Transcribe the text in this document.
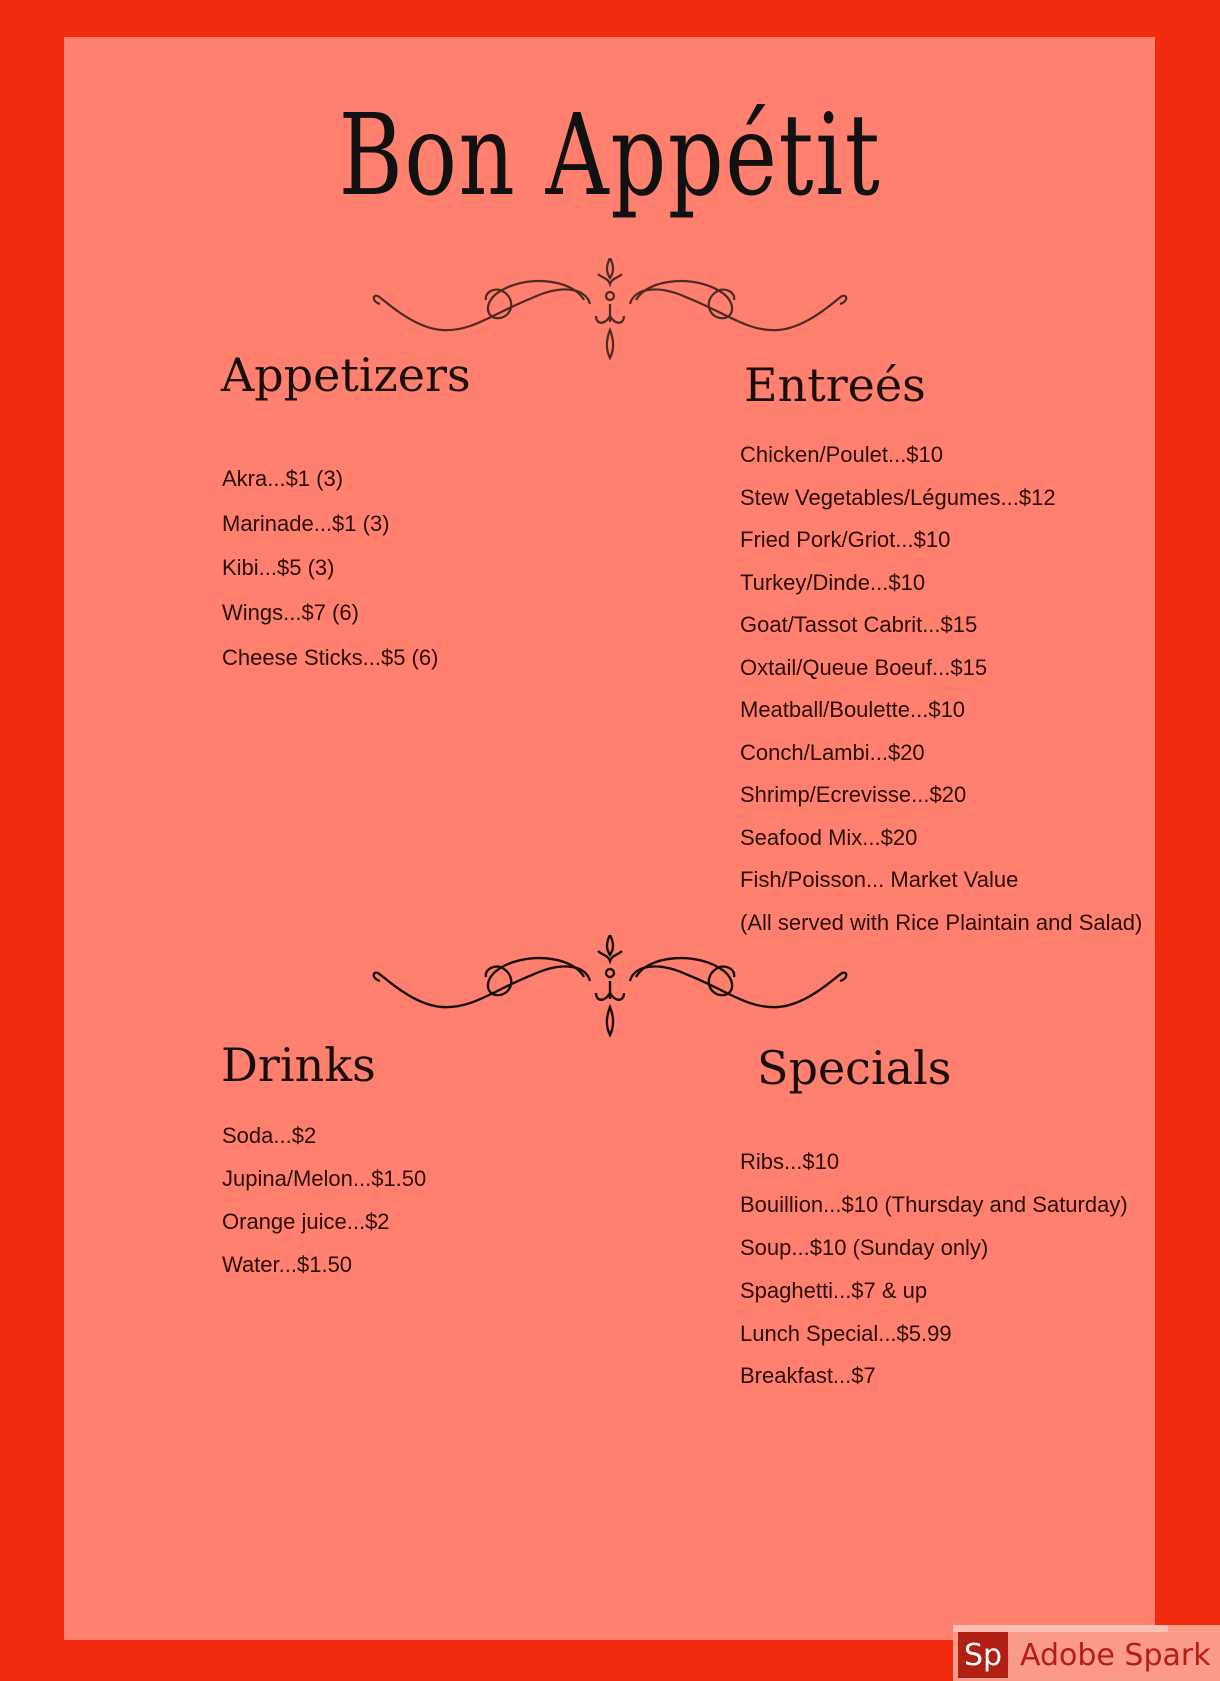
Bon Appétit
Appetizers
Akra...$1 (3)
Marinade...$1 (3)
Kibi...$5 (3)
Wings...$7 (6)
Cheese Sticks...$5 (6)
Entreés
Chicken/Poulet...$10
Stew Vegetables/Légumes...$12
Fried Pork/Griot...$10
Turkey/Dinde...$10
Goat/Tassot Cabrit...$15
Oxtail/Queue Boeuf...$15
Meatball/Boulette...$10
Conch/Lambi...$20
Shrimp/Ecrevisse...$20
Seafood Mix...$20
Fish/Poisson... Market Value
(All served with Rice Plaintain and Salad)
Drinks
Soda...$2
Jupina/Melon...$1.50
Orange juice...$2
Water...$1.50
Specials
Ribs...$10
Bouillion...$10 (Thursday and Saturday)
Soup...$10 (Sunday only)
Spaghetti...$7 & up
Lunch Special...$5.99
Breakfast...$7
Sp Adobe Spark
